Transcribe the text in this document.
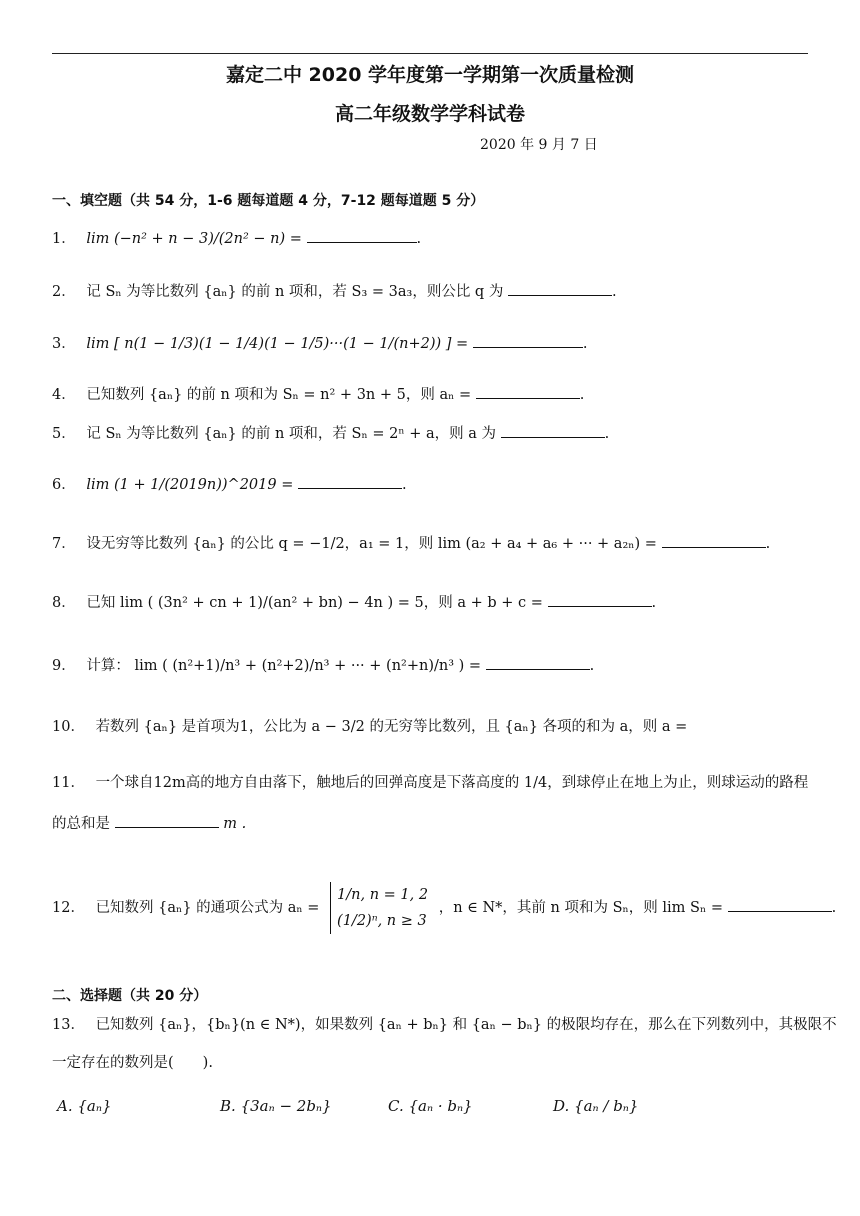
嘉定二中 2020 学年度第一学期第一次质量检测
高二年级数学学科试卷
2020 年 9 月 7 日
一、填空题（共 54 分，1-6 题每道题 4 分，7-12 题每道题 5 分）
1． lim (−n² + n − 3)/(2n² − n) =	.
2． 记 Sₙ 为等比数列 {aₙ} 的前 n 项和，若 S₃ = 3a₃，则公比 q 为	.
3． lim [ n(1 − 1/3)(1 − 1/4)(1 − 1/5)···(1 − 1/(n+2)) ] =	.
4． 已知数列 {aₙ} 的前 n 项和为 Sₙ = n² + 3n + 5，则 aₙ =	.
5． 记 Sₙ 为等比数列 {aₙ} 的前 n 项和，若 Sₙ = 2ⁿ + a，则 a 为	.
6． lim (1 + 1/(2019n))^2019 =	.
7． 设无穷等比数列 {aₙ} 的公比 q = −1/2，a₁ = 1，则 lim (a₂ + a₄ + a₆ + ··· + a₂ₙ) =	.
8． 已知 lim ( (3n² + cn + 1)/(an² + bn) − 4n ) = 5，则 a + b + c =	.
9． 计算： lim ( (n²+1)/n³ + (n²+2)/n³ + ··· + (n²+n)/n³ ) =	.
10． 若数列 {aₙ} 是首项为1，公比为 a − 3/2 的无穷等比数列，且 {aₙ} 各项的和为 a，则 a =
11． 一个球自12m高的地方自由落下，触地后的回弹高度是下落高度的 1/4，到球停止在地上为止，则球运动的路程
的总和是	m .
12． 已知数列 {aₙ} 的通项公式为 aₙ =
1/n, n = 1, 2
(1/2)ⁿ, n ≥ 3
，n ∈ N*，其前 n 项和为 Sₙ，则 lim Sₙ =	.
二、选择题（共 20 分）
13． 已知数列 {aₙ}，{bₙ}(n ∈ N*)，如果数列 {aₙ + bₙ} 和 {aₙ − bₙ} 的极限均存在，那么在下列数列中，其极限不
一定存在的数列是(　　).
A. {aₙ}	B. {3aₙ − 2bₙ}	C. {aₙ · bₙ}	D. {aₙ / bₙ}
